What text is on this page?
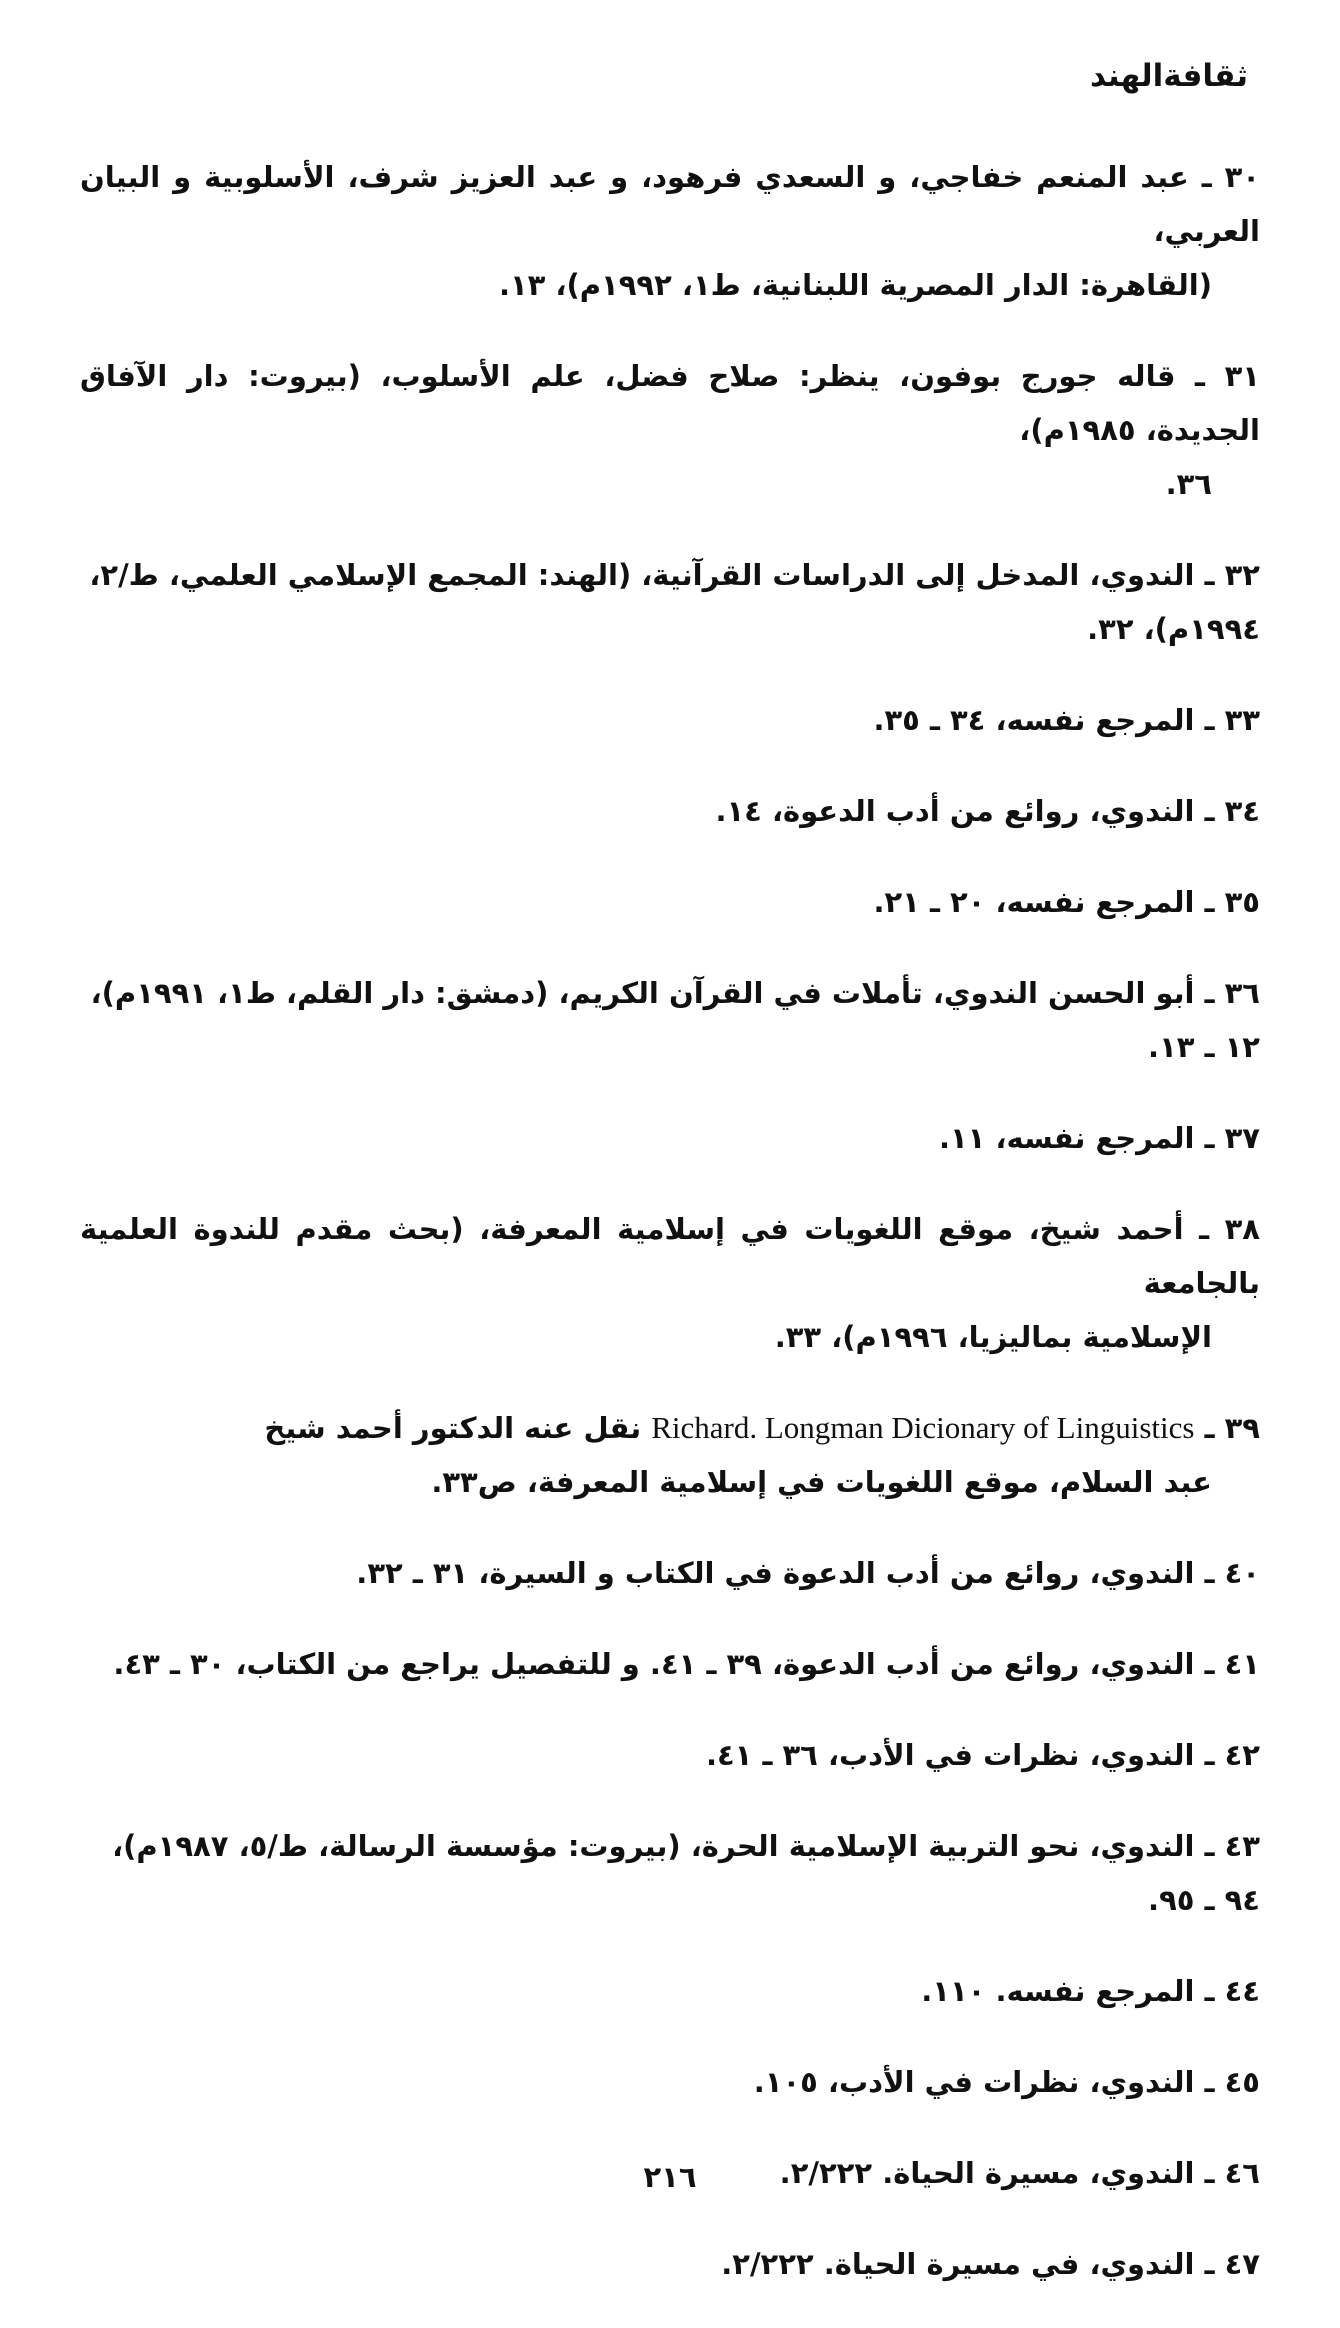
ثقافةالهند
٣٠ ـ عبد المنعم خفاجي، و السعدي فرهود، و عبد العزيز شرف، الأسلوبية و البيان العربي،
(القاهرة: الدار المصرية اللبنانية، ط١، ١٩٩٢م)، ١٣.
٣١ ـ قاله جورج بوفون، ينظر: صلاح فضل، علم الأسلوب، (بيروت: دار الآفاق الجديدة، ١٩٨٥م)،
٣٦.
٣٢ ـ الندوي، المدخل إلى الدراسات القرآنية، (الهند: المجمع الإسلامي العلمي، ط/٢، ١٩٩٤م)، ٣٢.
٣٣ ـ المرجع نفسه، ٣٤ ـ ٣٥.
٣٤ ـ الندوي، روائع من أدب الدعوة، ١٤.
٣٥ ـ المرجع نفسه، ٢٠ ـ ٢١.
٣٦ ـ أبو الحسن الندوي، تأملات في القرآن الكريم، (دمشق: دار القلم، ط١، ١٩٩١م)، ١٢ ـ ١٣.
٣٧ ـ المرجع نفسه، ١١.
٣٨ ـ أحمد شيخ، موقع اللغويات في إسلامية المعرفة، (بحث مقدم للندوة العلمية بالجامعة
الإسلامية بماليزيا، ١٩٩٦م)، ٣٣.
٣٩ ـ Richard. Longman Dicionary of Linguistics نقل عنه الدكتور أحمد شيخ
عبد السلام، موقع اللغويات في إسلامية المعرفة، ص٣٣.
٤٠ ـ الندوي، روائع من أدب الدعوة في الكتاب و السيرة، ٣١ ـ ٣٢.
٤١ ـ الندوي، روائع من أدب الدعوة، ٣٩ ـ ٤١. و للتفصيل يراجع من الكتاب، ٣٠ ـ ٤٣.
٤٢ ـ الندوي، نظرات في الأدب، ٣٦ ـ ٤١.
٤٣ ـ الندوي، نحو التربية الإسلامية الحرة، (بيروت: مؤسسة الرسالة، ط/٥، ١٩٨٧م)، ٩٤ ـ ٩٥.
٤٤ ـ المرجع نفسه. ١١٠.
٤٥ ـ الندوي، نظرات في الأدب، ١٠٥.
٤٦ ـ الندوي، مسيرة الحياة. ٢/٢٢٢.
٤٧ ـ الندوي، في مسيرة الحياة. ٢/٢٢٢.
٢١٦
